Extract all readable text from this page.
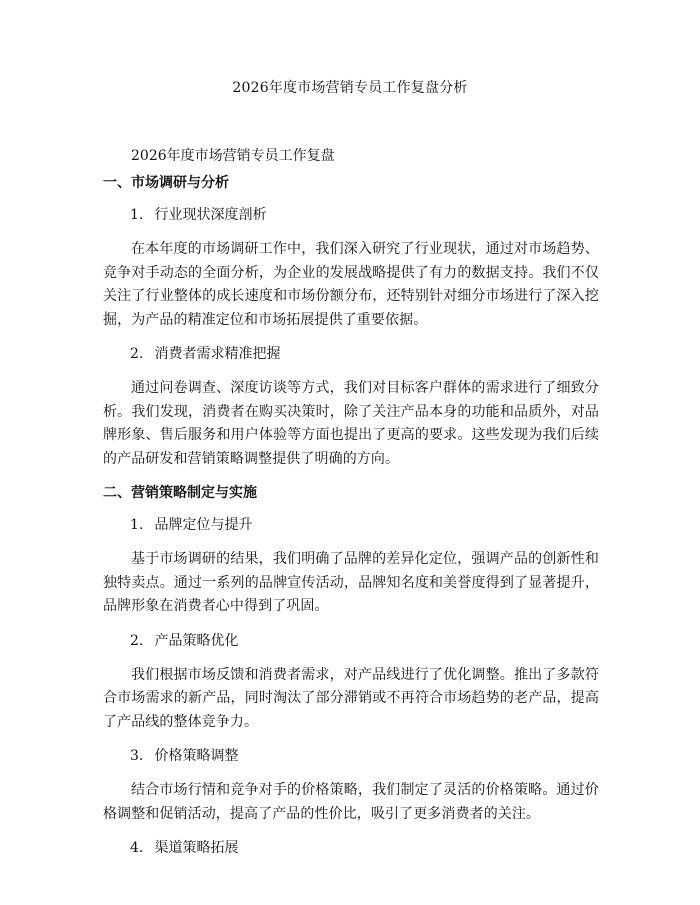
2026年度市场营销专员工作复盘分析
2026年度市场营销专员工作复盘
一、市场调研与分析
1. 行业现状深度剖析

在本年度的市场调研工作中，我们深入研究了行业现状，通过对市场趋势、竞争对手动态的全面分析，为企业的发展战略提供了有力的数据支持。我们不仅关注了行业整体的成长速度和市场份额分布，还特别针对细分市场进行了深入挖掘，为产品的精准定位和市场拓展提供了重要依据。

2. 消费者需求精准把握

通过问卷调查、深度访谈等方式，我们对目标客户群体的需求进行了细致分析。我们发现，消费者在购买决策时，除了关注产品本身的功能和品质外，对品牌形象、售后服务和用户体验等方面也提出了更高的要求。这些发现为我们后续的产品研发和营销策略调整提供了明确的方向。

二、营销策略制定与实施
1. 品牌定位与提升

基于市场调研的结果，我们明确了品牌的差异化定位，强调产品的创新性和独特卖点。通过一系列的品牌宣传活动，品牌知名度和美誉度得到了显著提升，品牌形象在消费者心中得到了巩固。

2. 产品策略优化

我们根据市场反馈和消费者需求，对产品线进行了优化调整。推出了多款符合市场需求的新产品，同时淘汰了部分滞销或不再符合市场趋势的老产品，提高了产品线的整体竞争力。

3. 价格策略调整

结合市场行情和竞争对手的价格策略，我们制定了灵活的价格策略。通过价格调整和促销活动，提高了产品的性价比，吸引了更多消费者的关注。

4. 渠道策略拓展
